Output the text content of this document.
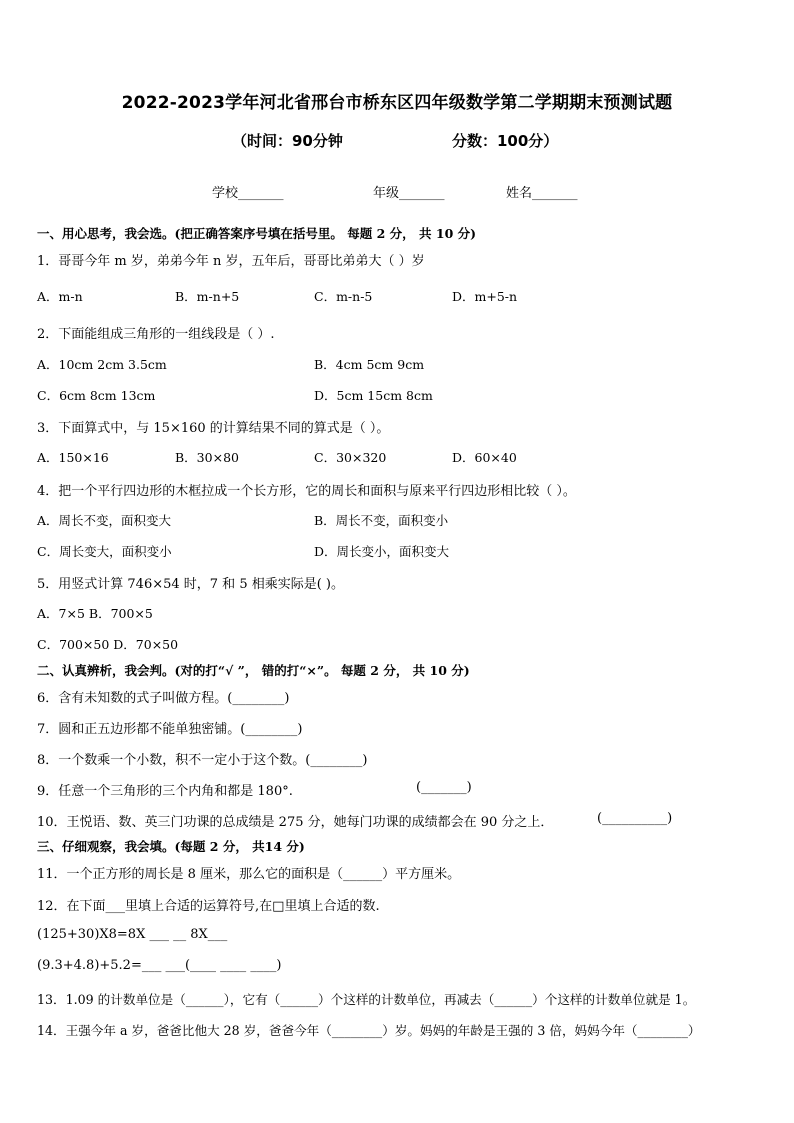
2022-2023学年河北省邢台市桥东区四年级数学第二学期期末预测试题
（时间：90分钟	分数：100分）
学校_______	年级_______	姓名_______
一、用心思考，我会选。(把正确答案序号填在括号里。 每题 2 分， 共 10 分)
1．哥哥今年 m 岁，弟弟今年 n 岁，五年后，哥哥比弟弟大（ ）岁
A．m-n	B．m-n+5	C．m-n-5	D．m+5-n
2．下面能组成三角形的一组线段是（ ）.
A．10cm 2cm 3.5cm	B．4cm 5cm 9cm
C．6cm 8cm 13cm	D．5cm 15cm 8cm
3．下面算式中，与 15×160 的计算结果不同的算式是（ ）。
A．150×16	B．30×80	C．30×320	D．60×40
4．把一个平行四边形的木框拉成一个长方形，它的周长和面积与原来平行四边形相比较（ ）。
A．周长不变，面积变大	B．周长不变，面积变小
C．周长变大，面积变小	D．周长变小，面积变大
5．用竖式计算 746×54 时，7 和 5 相乘实际是( )。
A．7×5 B．700×5
C．700×50 D．70×50
二、认真辨析，我会判。(对的打“√ ”， 错的打“×”。 每题 2 分， 共 10 分)
6．含有未知数的式子叫做方程。(________)
7．圆和正五边形都不能单独密铺。(________)
8．一个数乘一个小数，积不一定小于这个数。(________)
9．任意一个三角形的三个内角和都是 180°.	(_______)
10．王悦语、数、英三门功课的总成绩是 275 分，她每门功课的成绩都会在 90 分之上．	(__________)
三、仔细观察，我会填。(每题 2 分， 共14 分)
11．一个正方形的周长是 8 厘米，那么它的面积是（______）平方厘米。
12．在下面___里填上合适的运算符号,在□里填上合适的数.
(125+30)X8=8X ___ __ 8X___
(9.3+4.8)+5.2=___ ___(____ ____ ____)
13．1.09 的计数单位是（______），它有（______）个这样的计数单位，再减去（______）个这样的计数单位就是 1。
14．王强今年 a 岁，爸爸比他大 28 岁，爸爸今年（________）岁。妈妈的年龄是王强的 3 倍，妈妈今年（________）
